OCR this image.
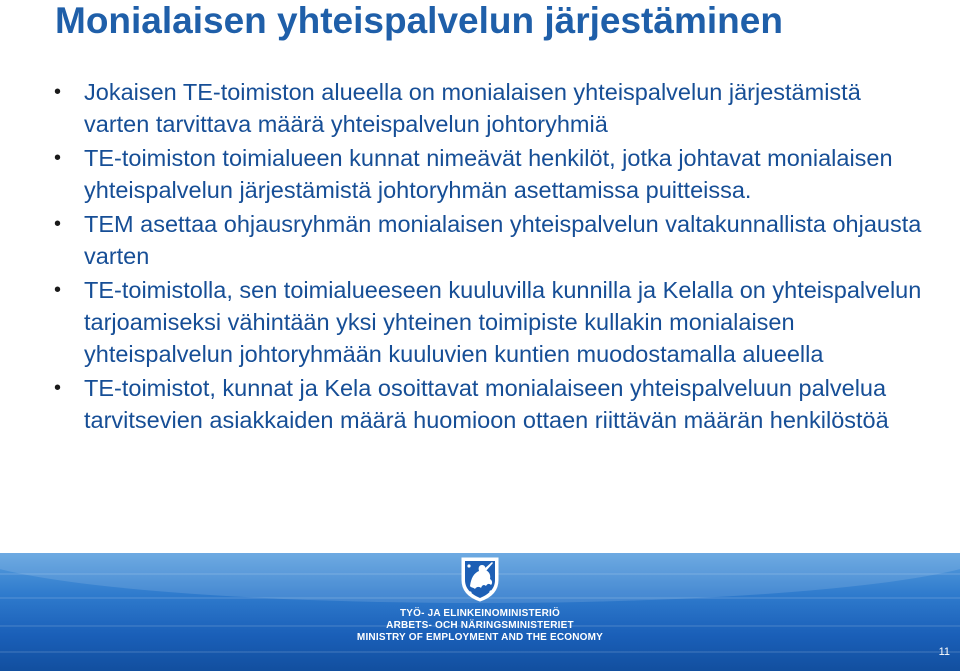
Monialaisen yhteispalvelun järjestäminen
• Jokaisen TE-toimiston alueella on monialaisen yhteispalvelun järjestämistä varten tarvittava määrä yhteispalvelun johtoryhmiä
• TE-toimiston toimialueen kunnat nimeävät henkilöt, jotka johtavat monialaisen yhteispalvelun järjestämistä johtoryhmän asettamissa puitteissa.
• TEM asettaa ohjausryhmän monialaisen yhteispalvelun valtakunnallista ohjausta varten
• TE-toimistolla, sen toimialueeseen kuuluvilla kunnilla ja Kelalla on yhteispalvelun tarjoamiseksi vähintään yksi yhteinen toimipiste kullakin monialaisen yhteispalvelun johtoryhmään kuuluvien kuntien muodostamalla alueella
• TE-toimistot, kunnat ja Kela osoittavat monialaiseen yhteispalveluun palvelua tarvitsevien asiakkaiden määrä huomioon ottaen riittävän määrän henkilöstöä
TYÖ- JA ELINKEINOMINISTERIÖ
ARBETS- OCH NÄRINGSMINISTERIET
MINISTRY OF EMPLOYMENT AND THE ECONOMY
11
